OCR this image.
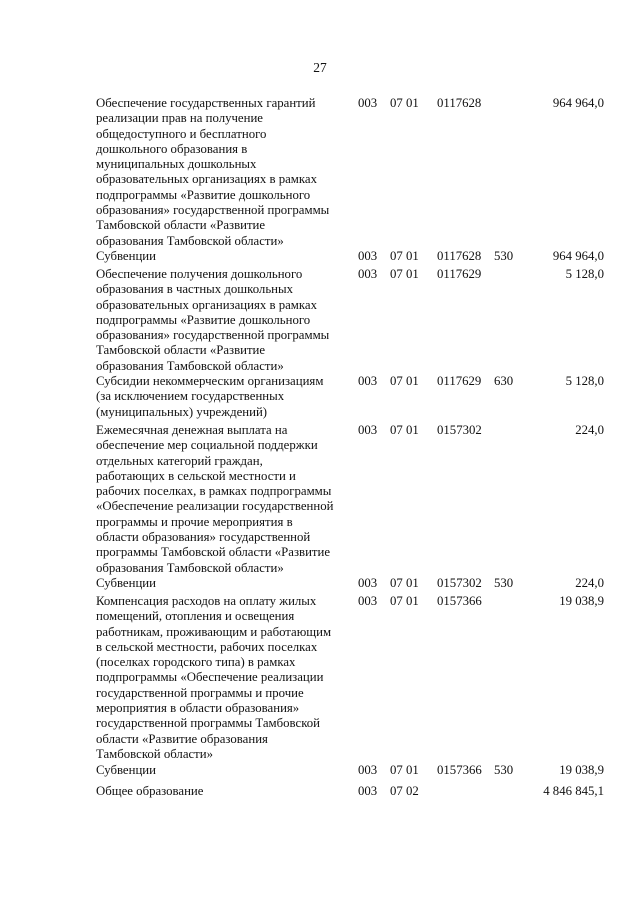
27
Обеспечение государственных гарантий
реализации прав на получение
общедоступного и бесплатного
дошкольного образования в
муниципальных дошкольных
образовательных организациях в рамках
подпрограммы «Развитие дошкольного
образования» государственной программы
Тамбовской области «Развитие
образования Тамбовской области»
003 07 01 0117628	964 964,0
Субвенции	003 07 01 0117628 530	964 964,0
Обеспечение получения дошкольного
образования в частных дошкольных
образовательных организациях в рамках
подпрограммы «Развитие дошкольного
образования» государственной программы
Тамбовской области «Развитие
образования Тамбовской области»
003 07 01 0117629	5 128,0
Субсидии некоммерческим организациям
(за исключением государственных
(муниципальных) учреждений)
003 07 01 0117629 630	5 128,0
Ежемесячная денежная выплата на
обеспечение мер социальной поддержки
отдельных категорий граждан,
работающих в сельской местности и
рабочих поселках, в рамках подпрограммы
«Обеспечение реализации государственной
программы и прочие мероприятия в
области образования» государственной
программы Тамбовской области «Развитие
образования Тамбовской области»
003 07 01 0157302	224,0
Субвенции	003 07 01 0157302 530	224,0
Компенсация расходов на оплату жилых
помещений, отопления и освещения
работникам, проживающим и работающим
в сельской местности, рабочих поселках
(поселках городского типа) в рамках
подпрограммы «Обеспечение реализации
государственной программы и прочие
мероприятия в области образования»
государственной программы Тамбовской
области «Развитие образования
Тамбовской области»
003 07 01 0157366	19 038,9
Субвенции	003 07 01 0157366 530	19 038,9
Общее образование	003 07 02	4 846 845,1
